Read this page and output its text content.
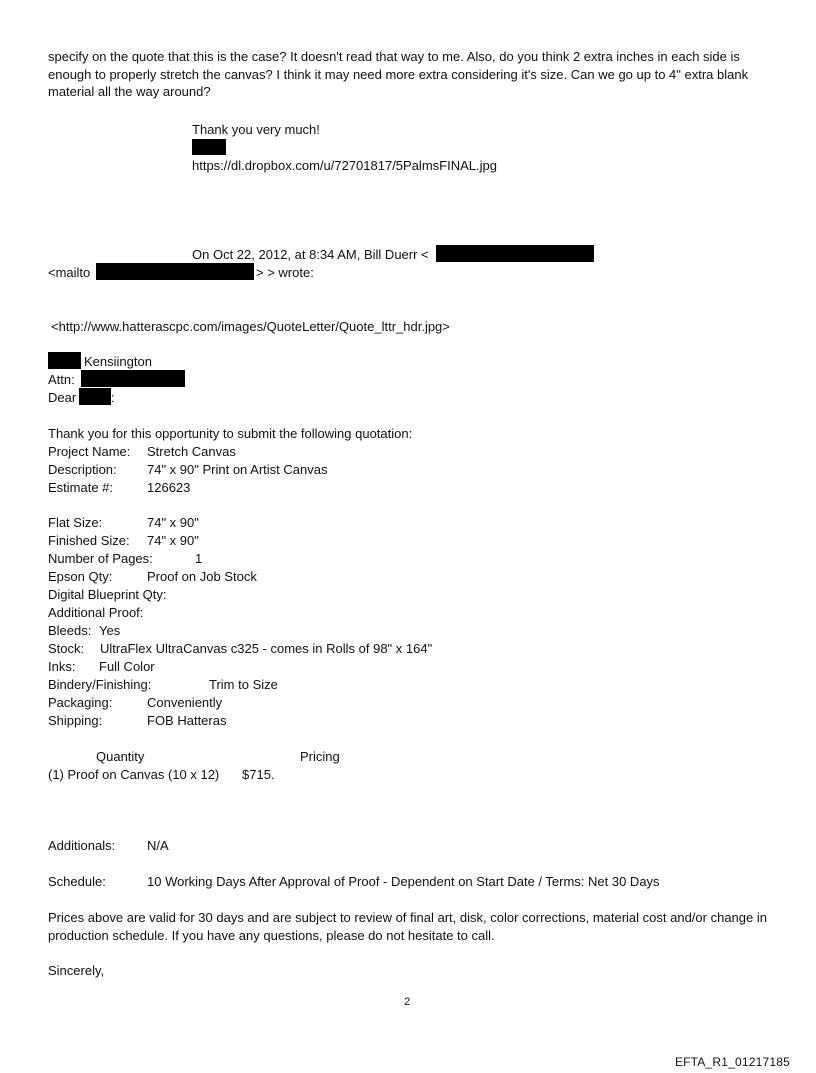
specify on the quote that this is the case? It doesn't read that way to me. Also, do you think 2 extra inches in each side is enough to properly stretch the canvas? I think it may need more extra considering it's size. Can we go up to 4" extra blank material all the way around?
Thank you very much!
https://dl.dropbox.com/u/72701817/5PalmsFINAL.jpg
On Oct 22, 2012, at 8:34 AM, Bill Duerr <
<mailto	> > wrote:
<http://www.hatterascpc.com/images/QuoteLetter/Quote_lttr_hdr.jpg>
Kensiington
Attn:
Dear	:
Thank you for this opportunity to submit the following quotation:
Project Name: Stretch Canvas
Description: 74" x 90" Print on Artist Canvas
Estimate #:	126623
Flat Size:	74" x 90"
Finished Size: 74" x 90"
Number of Pages:	1
Epson Qty:	Proof on Job Stock
Digital Blueprint Qty:
Additional Proof:
Bleeds: Yes
Stock: UltraFlex UltraCanvas c325 - comes in Rolls of 98" x 164"
Inks: Full Color
Bindery/Finishing:	Trim to Size
Packaging:	Conveniently
Shipping:	FOB Hatteras
Quantity	Pricing
(1) Proof on Canvas (10 x 12) $715.
Additionals: N/A
Schedule:	10 Working Days After Approval of Proof - Dependent on Start Date / Terms: Net 30 Days
Prices above are valid for 30 days and are subject to review of final art, disk, color corrections, material cost and/or change in production schedule. If you have any questions, please do not hesitate to call.
Sincerely,
2
EFTA_R1_01217185
